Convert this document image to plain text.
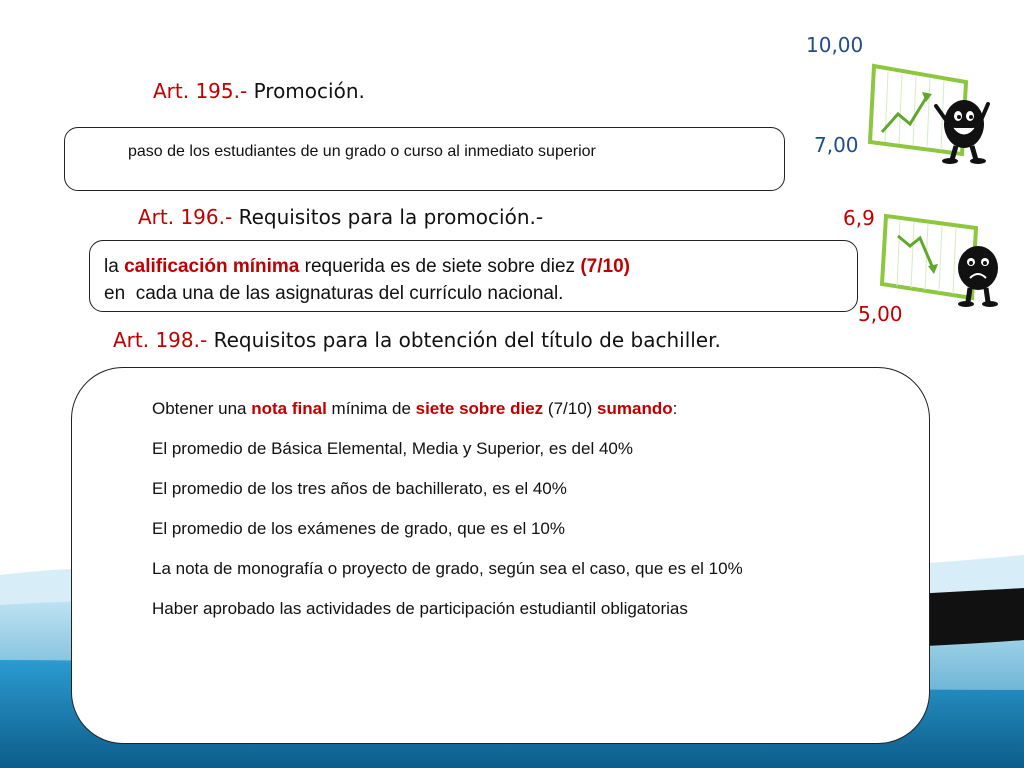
Art. 195.- Promoción.
paso de los estudiantes de un grado o curso al inmediato superior
Art. 196.- Requisitos para la promoción.-
la calificación mínima requerida es de siete sobre diez (7/10)
en  cada una de las asignaturas del currículo nacional.
Art. 198.- Requisitos para la obtención del título de bachiller.

Obtener una nota final mínima de siete sobre diez (7/10) sumando:

El promedio de Básica Elemental, Media y Superior, es del 40%

El promedio de los tres años de bachillerato, es el 40%

El promedio de los exámenes de grado, que es el 10%

La nota de monografía o proyecto de grado, según sea el caso, que es el 10%

Haber aprobado las actividades de participación estudiantil obligatorias

10,00
7,00
6,9
5,00
